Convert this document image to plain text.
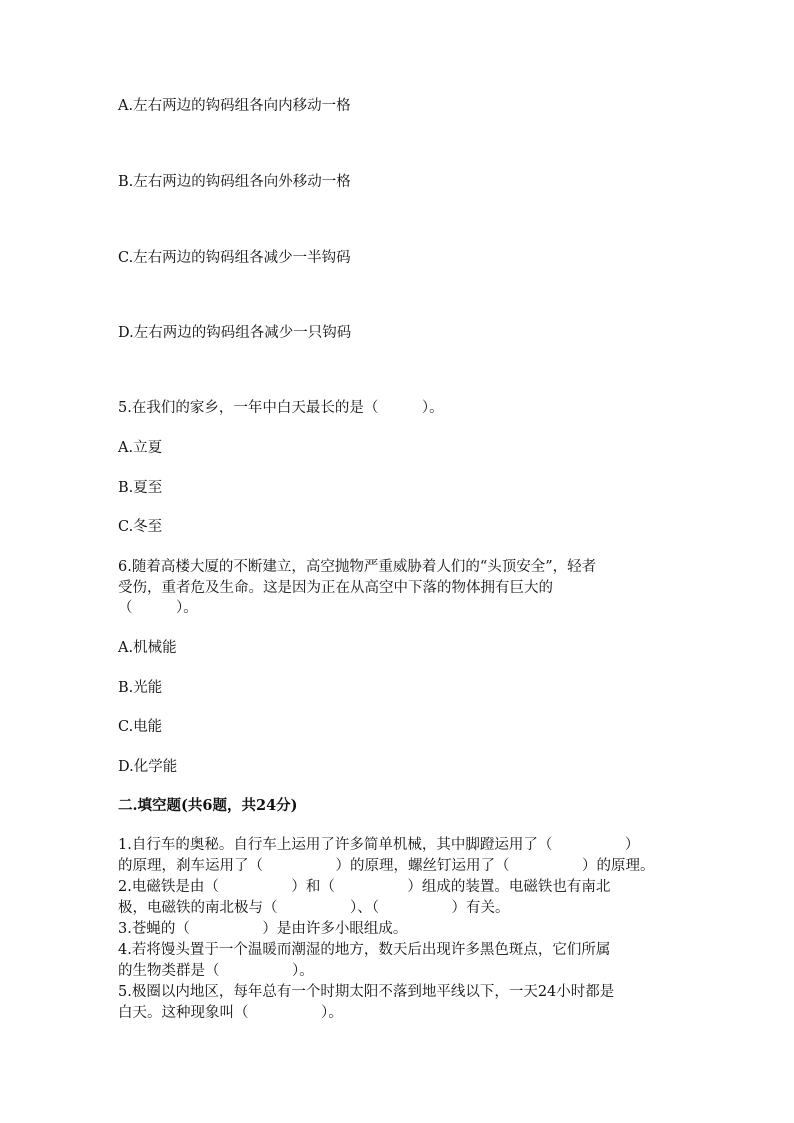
A.左右两边的钩码组各向内移动一格
B.左右两边的钩码组各向外移动一格
C.左右两边的钩码组各减少一半钩码
D.左右两边的钩码组各减少一只钩码
5.在我们的家乡，一年中白天最长的是（　　　）。
A.立夏
B.夏至
C.冬至
6.随着高楼大厦的不断建立，高空抛物严重威胁着人们的“头顶安全”，轻者
受伤，重者危及生命。这是因为正在从高空中下落的物体拥有巨大的
（　　　）。
A.机械能
B.光能
C.电能
D.化学能
二.填空题(共6题，共24分)
1.自行车的奥秘。自行车上运用了许多简单机械，其中脚蹬运用了（　　　　　）
的原理，刹车运用了（　　　　　）的原理，螺丝钉运用了（　　　　　）的原理。
2.电磁铁是由（　　　　　）和（　　　　　）组成的装置。电磁铁也有南北
极，电磁铁的南北极与（　　　　　）、（　　　　　）有关。
3.苍蝇的（　　　　　）是由许多小眼组成。
4.若将馒头置于一个温暖而潮湿的地方，数天后出现许多黑色斑点，它们所属
的生物类群是（　　　　　）。
5.极圈以内地区，每年总有一个时期太阳不落到地平线以下，一天24小时都是
白天。这种现象叫（　　　　　）。
